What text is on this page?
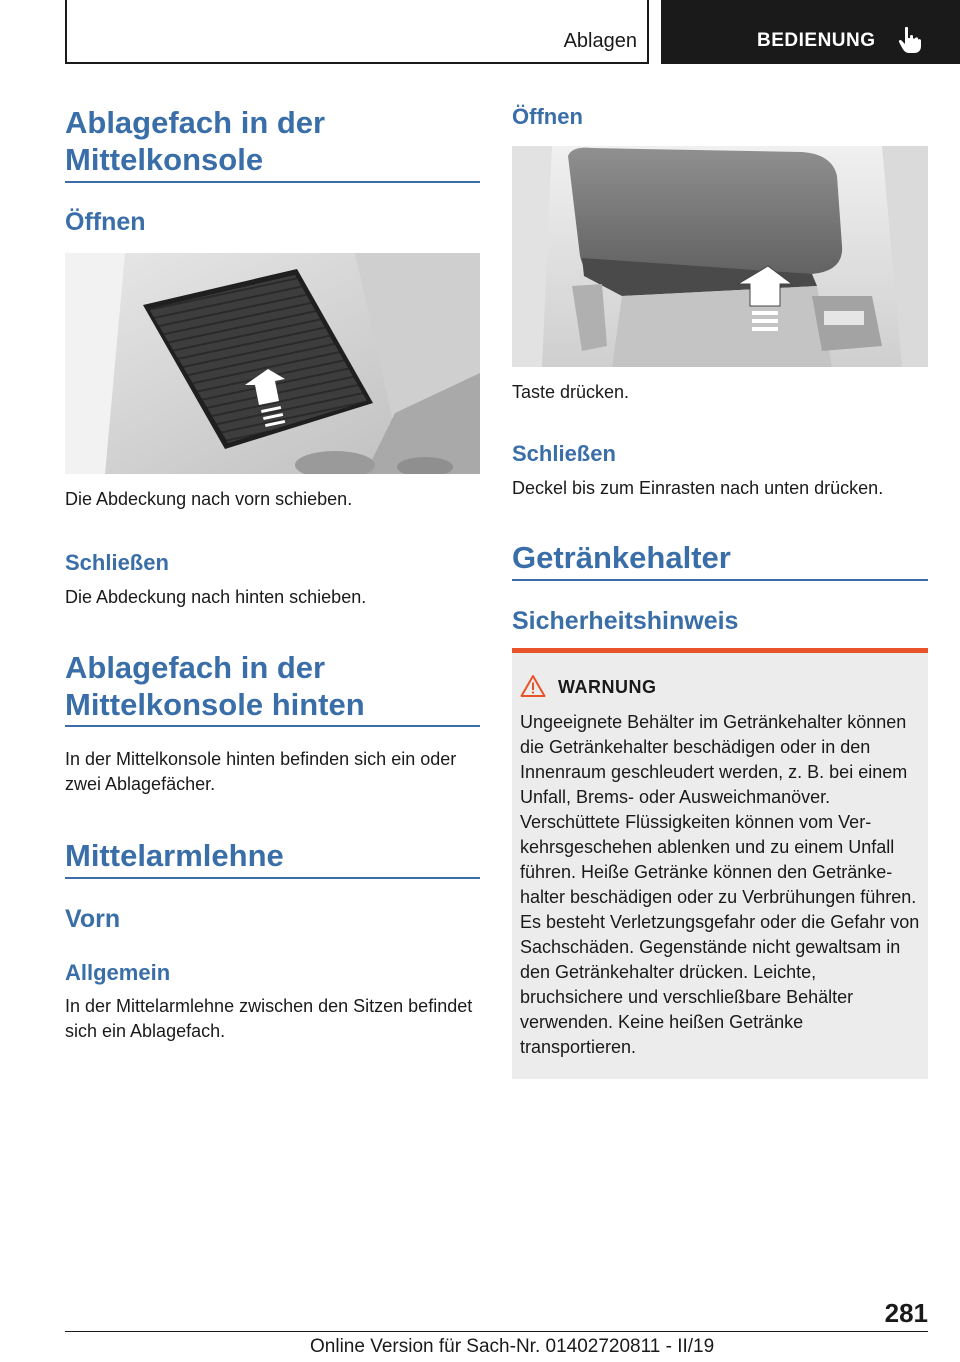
Ablagen	BEDIENUNG
Ablagefach in der Mittelkonsole
Öffnen
Die Abdeckung nach vorn schieben.
Schließen
Die Abdeckung nach hinten schieben.
Ablagefach in der Mittelkonsole hinten
In der Mittelkonsole hinten befinden sich ein oder zwei Ablagefächer.
Mittelarmlehne
Vorn
Allgemein
In der Mittelarmlehne zwischen den Sitzen befindet sich ein Ablagefach.
Öffnen
Taste drücken.
Schließen
Deckel bis zum Einrasten nach unten drücken.
Getränkehalter
Sicherheitshinweis
WARNUNG
Ungeeignete Behälter im Getränkehalter können die Getränkehalter beschädigen oder in den Innenraum geschleudert werden, z. B. bei einem Unfall, Brems- oder Ausweichmanöver. Verschüttete Flüssigkeiten können vom Verkehrsgeschehen ablenken und zu einem Unfall führen. Heiße Getränke können den Getränkehalter beschädigen oder zu Verbrühungen führen. Es besteht Verletzungsgefahr oder die Gefahr von Sachschäden. Gegenstände nicht gewaltsam in den Getränkehalter drücken. Leichte, bruchsichere und verschließbare Behälter verwenden. Keine heißen Getränke transportieren.
281
Online Version für Sach-Nr. 01402720811 - II/19
